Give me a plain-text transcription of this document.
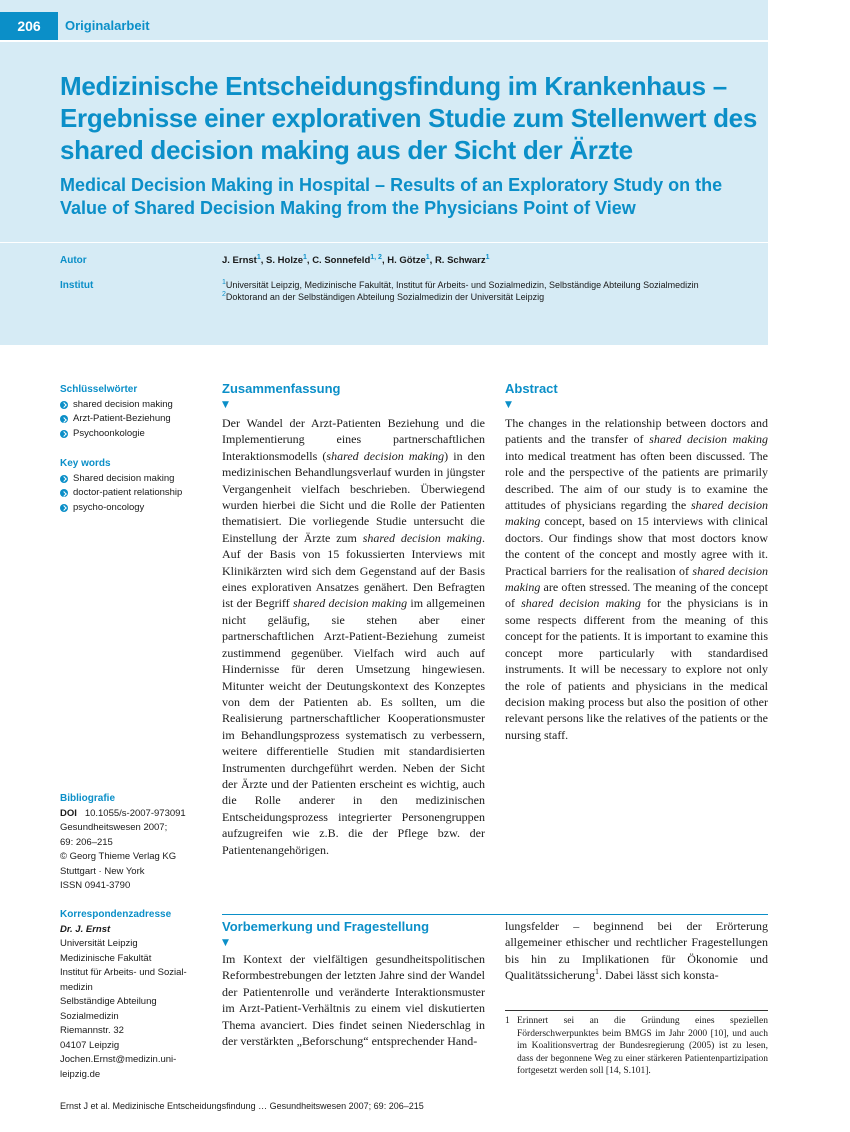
206	Originalarbeit
Medizinische Entscheidungsfindung im Krankenhaus – Ergebnisse einer explorativen Studie zum Stellenwert des shared decision making aus der Sicht der Ärzte
Medical Decision Making in Hospital – Results of an Exploratory Study on the Value of Shared Decision Making from the Physicians Point of View
Autor	J. Ernst$^1$, S. Holze$^1$, C. Sonnefeld$^{1, 2}$, H. Götze$^1$, R. Schwarz$^1$
Institut	$^1$Universität Leipzig, Medizinische Fakultät, Institut für Arbeits- und Sozialmedizin, Selbständige Abteilung Sozialmedizin
$^2$Doktorand an der Selbständigen Abteilung Sozialmedizin der Universität Leipzig
Schlüsselwörter
shared decision making
Arzt-Patient-Beziehung
Psychoonkologie
Key words
Shared decision making
doctor-patient relationship
psycho-oncology
Bibliografie
DOI 10.1055/s-2007-973091
Gesundheitswesen 2007;
69: 206–215
© Georg Thieme Verlag KG
Stuttgart · New York
ISSN 0941-3790
Korrespondenzadresse
Dr. J. Ernst
Universität Leipzig
Medizinische Fakultät
Institut für Arbeits- und Sozial-
medizin
Selbständige Abteilung
Sozialmedizin
Riemannstr. 32
04107 Leipzig
Jochen.Ernst@medizin.uni-
leipzig.de
Zusammenfassung
▼
Der Wandel der Arzt-Patienten Beziehung und die Implementierung eines partnerschaftlichen Interaktionsmodells (shared decision making) in den medizinischen Behandlungsverlauf wurden in jüngster Vergangenheit vielfach beschrieben. Überwiegend wurden hierbei die Sicht und die Rolle der Patienten thematisiert. Die vorliegende Studie untersucht die Einstellung der Ärzte zum shared decision making. Auf der Basis von 15 fokussierten Interviews mit Klinikärzten wird sich dem Gegenstand auf der Basis eines explorativen Ansatzes genähert. Den Befragten ist der Begriff shared decision making im allgemeinen nicht geläufig, sie stehen aber einer partnerschaftlichen Arzt-Patient-Beziehung zumeist zustimmend gegenüber. Vielfach wird auch auf Hindernisse für deren Umsetzung hingewiesen. Mitunter weicht der Deutungskontext des Konzeptes von dem der Patienten ab. Es sollten, um die Realisierung partnerschaftlicher Kooperationsmuster im Behandlungsprozess systematisch zu verbessern, weitere differentielle Studien mit standardisierten Instrumenten durchgeführt werden. Neben der Sicht der Ärzte und der Patienten erscheint es wichtig, auch die Rolle anderer in den medizinischen Entscheidungsprozess integrierter Personengruppen aufzugreifen wie z.B. die der Pflege bzw. der Patientenangehörigen.
Abstract
▼
The changes in the relationship between doctors and patients and the transfer of shared decision making into medical treatment has often been discussed. The role and the perspective of the patients are primarily described. The aim of our study is to examine the attitudes of physicians regarding the shared decision making concept, based on 15 interviews with clinical doctors. Our findings show that most doctors know the content of the concept and mostly agree with it. Practical barriers for the realisation of shared decision making are often stressed. The meaning of the concept of shared decision making for the physicians is in some respects different from the meaning of this concept for the patients. It is important to examine this concept more particularly with standardised instruments. It will be necessary to explore not only the role of patients and physicians in the medical decision making process but also the position of other relevant persons like the relatives of the patients or the nursing staff.
Vorbemerkung und Fragestellung
▼
Im Kontext der vielfältigen gesundheitspolitischen Reformbestrebungen der letzten Jahre sind der Wandel der Patientenrolle und veränderte Interaktionsmuster im Arzt-Patient-Verhältnis zu einem viel diskutierten Thema avanciert. Dies findet seinen Niederschlag in der verstärkten „Beforschung“ entsprechender Hand-
lungsfelder – beginnend bei der Erörterung allgemeiner ethischer und rechtlicher Fragestellungen bis hin zu Implikationen für Ökonomie und Qualitätssicherung$^1$. Dabei lässt sich konsta-
1 Erinnert sei an die Gründung eines speziellen Förderschwerpunktes beim BMGS im Jahr 2000 [10], und auch im Koalitionsvertrag der Bundesregierung (2005) ist zu lesen, dass der begonnene Weg zu einer stärkeren Patientenpartizipation fortgesetzt werden soll [14, S.101].
Ernst J et al. Medizinische Entscheidungsfindung … Gesundheitswesen 2007; 69: 206–215
